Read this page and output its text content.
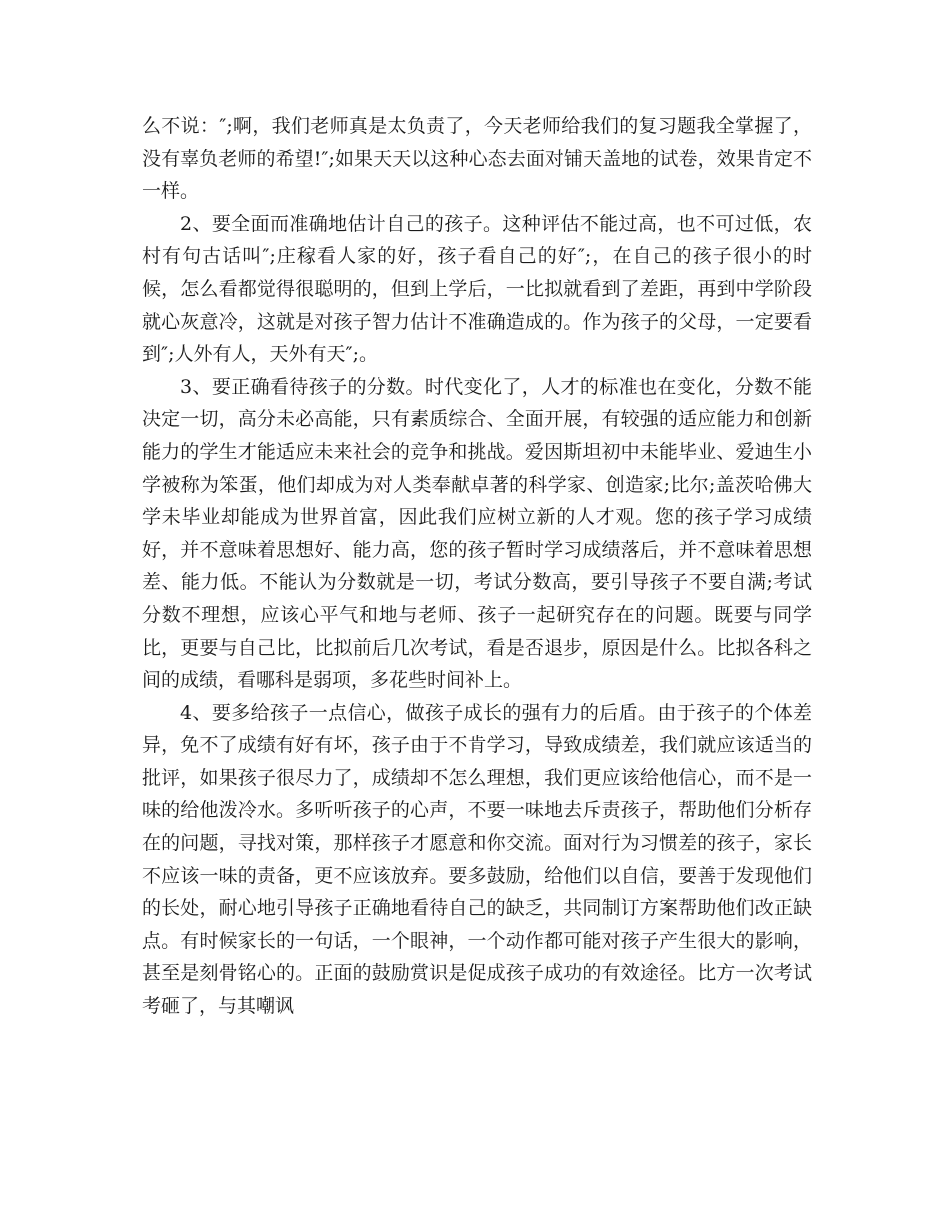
么不说：″;啊，我们老师真是太负责了，今天老师给我们的复习题我全掌握了，没有辜负老师的希望!″;如果天天以这种心态去面对铺天盖地的试卷，效果肯定不一样。

2、要全面而准确地估计自己的孩子。这种评估不能过高，也不可过低，农村有句古话叫″;庄稼看人家的好，孩子看自己的好″;，在自己的孩子很小的时候，怎么看都觉得很聪明的，但到上学后，一比拟就看到了差距，再到中学阶段就心灰意冷，这就是对孩子智力估计不准确造成的。作为孩子的父母，一定要看到″;人外有人，天外有天″;。

3、要正确看待孩子的分数。时代变化了，人才的标准也在变化，分数不能决定一切，高分未必高能，只有素质综合、全面开展，有较强的适应能力和创新能力的学生才能适应未来社会的竞争和挑战。爱因斯坦初中未能毕业、爱迪生小学被称为笨蛋，他们却成为对人类奉献卓著的科学家、创造家;比尔;盖茨哈佛大学未毕业却能成为世界首富，因此我们应树立新的人才观。您的孩子学习成绩好，并不意味着思想好、能力高，您的孩子暂时学习成绩落后，并不意味着思想差、能力低。不能认为分数就是一切，考试分数高，要引导孩子不要自满;考试分数不理想，应该心平气和地与老师、孩子一起研究存在的问题。既要与同学比，更要与自己比，比拟前后几次考试，看是否退步，原因是什么。比拟各科之间的成绩，看哪科是弱项，多花些时间补上。

4、要多给孩子一点信心，做孩子成长的强有力的后盾。由于孩子的个体差异，免不了成绩有好有坏，孩子由于不肯学习，导致成绩差，我们就应该适当的批评，如果孩子很尽力了，成绩却不怎么理想，我们更应该给他信心，而不是一味的给他泼冷水。多听听孩子的心声，不要一味地去斥责孩子，帮助他们分析存在的问题，寻找对策，那样孩子才愿意和你交流。面对行为习惯差的孩子，家长不应该一味的责备，更不应该放弃。要多鼓励，给他们以自信，要善于发现他们的长处，耐心地引导孩子正确地看待自己的缺乏，共同制订方案帮助他们改正缺点。有时候家长的一句话，一个眼神，一个动作都可能对孩子产生很大的影响，甚至是刻骨铭心的。正面的鼓励赏识是促成孩子成功的有效途径。比方一次考试考砸了，与其嘲讽
